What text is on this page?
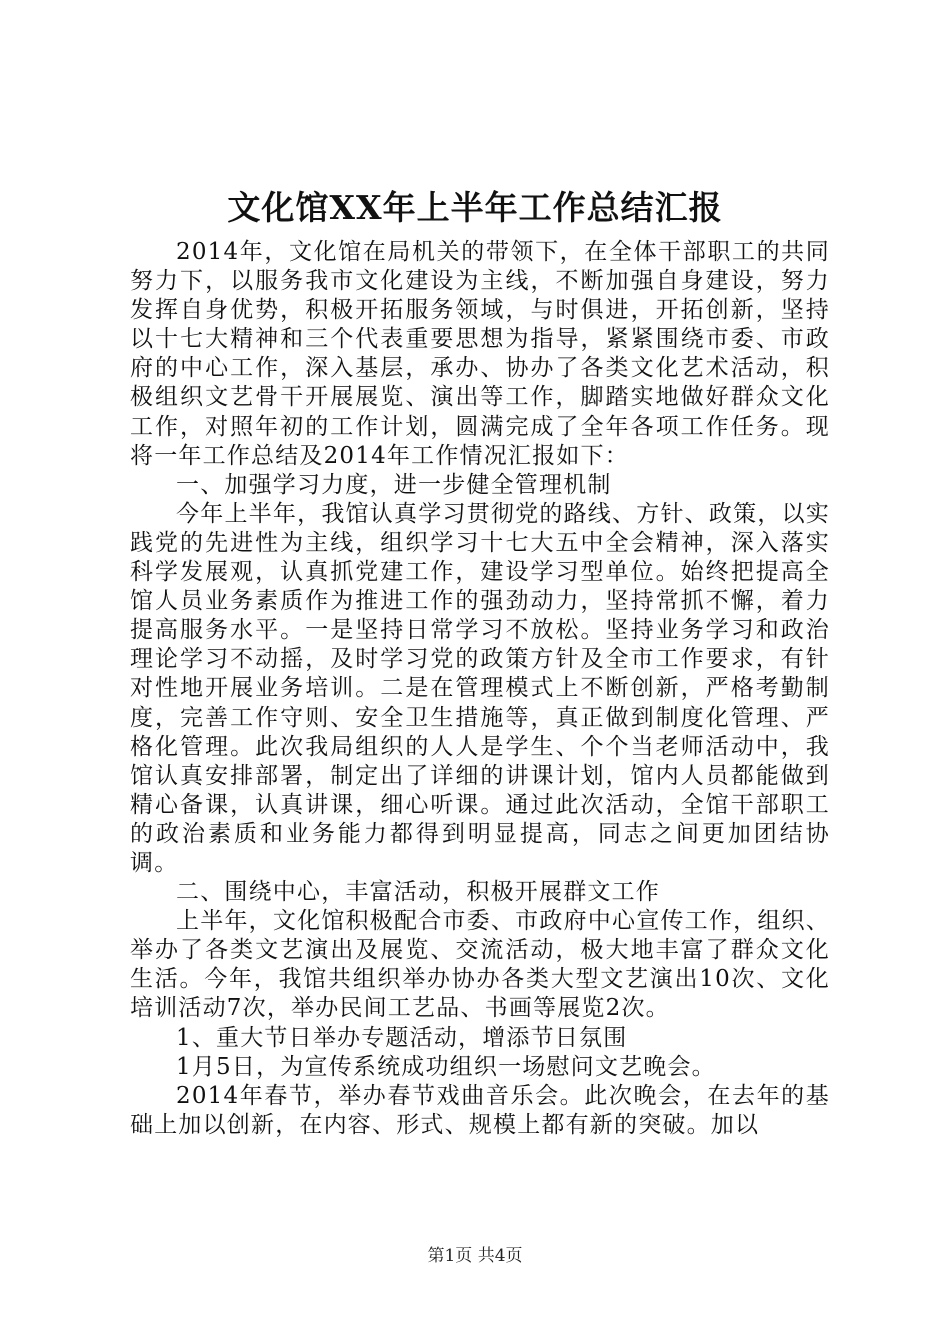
文化馆XX年上半年工作总结汇报

2014年，文化馆在局机关的带领下，在全体干部职工的共同努力下，以服务我市文化建设为主线，不断加强自身建设，努力发挥自身优势，积极开拓服务领域，与时俱进，开拓创新，坚持以十七大精神和三个代表重要思想为指导，紧紧围绕市委、市政府的中心工作，深入基层，承办、协办了各类文化艺术活动，积极组织文艺骨干开展展览、演出等工作，脚踏实地做好群众文化工作，对照年初的工作计划，圆满完成了全年各项工作任务。现将一年工作总结及2014年工作情况汇报如下：

一、加强学习力度，进一步健全管理机制

今年上半年，我馆认真学习贯彻党的路线、方针、政策，以实践党的先进性为主线，组织学习十七大五中全会精神，深入落实科学发展观，认真抓党建工作，建设学习型单位。始终把提高全馆人员业务素质作为推进工作的强劲动力，坚持常抓不懈，着力提高服务水平。一是坚持日常学习不放松。坚持业务学习和政治理论学习不动摇，及时学习党的政策方针及全市工作要求，有针对性地开展业务培训。二是在管理模式上不断创新，严格考勤制度，完善工作守则、安全卫生措施等，真正做到制度化管理、严格化管理。此次我局组织的人人是学生、个个当老师活动中，我馆认真安排部署，制定出了详细的讲课计划，馆内人员都能做到精心备课，认真讲课，细心听课。通过此次活动，全馆干部职工的政治素质和业务能力都得到明显提高，同志之间更加团结协调。

二、围绕中心，丰富活动，积极开展群文工作

上半年，文化馆积极配合市委、市政府中心宣传工作，组织、举办了各类文艺演出及展览、交流活动，极大地丰富了群众文化生活。今年，我馆共组织举办协办各类大型文艺演出10次、文化培训活动7次，举办民间工艺品、书画等展览2次。

1、重大节日举办专题活动，增添节日氛围

1月5日，为宣传系统成功组织一场慰问文艺晚会。

2014年春节，举办春节戏曲音乐会。此次晚会，在去年的基础上加以创新，在内容、形式、规模上都有新的突破。加以

第1页 共4页
